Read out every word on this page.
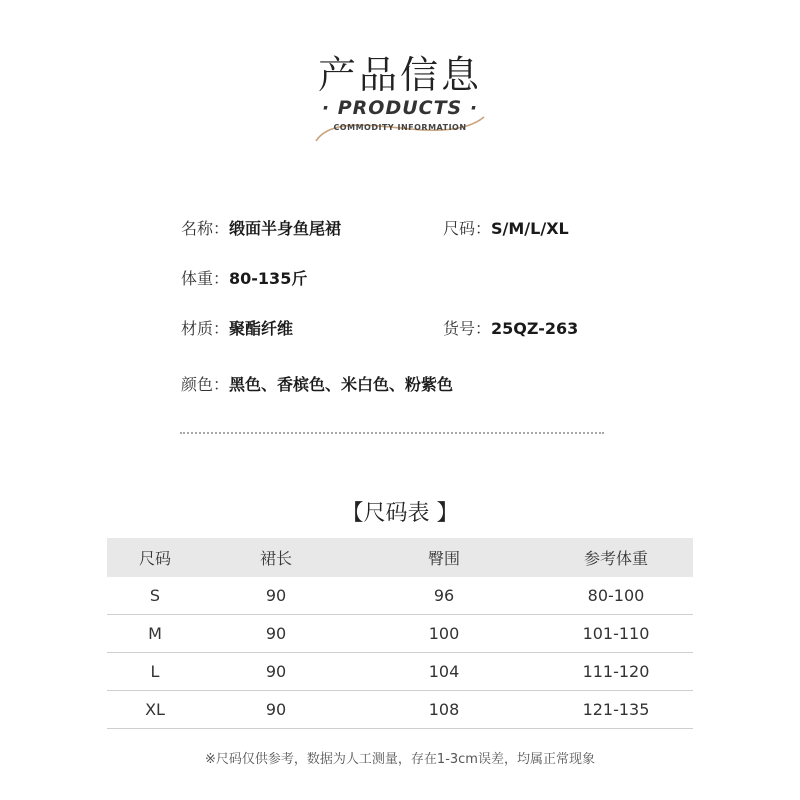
产品信息
· PRODUCTS ·
COMMODITY INFORMATION
名称：缎面半身鱼尾裙	尺码：S/M/L/XL
体重：80-135斤
材质：聚酯纤维	货号：25QZ-263
颜色：黑色、香槟色、米白色、粉紫色
【尺码表 】
尺码	裙长	臀围	参考体重
S	90	96	80-100
M	90	100	101-110
L	90	104	111-120
XL	90	108	121-135
※尺码仅供参考，数据为人工测量，存在1-3cm误差，均属正常现象
